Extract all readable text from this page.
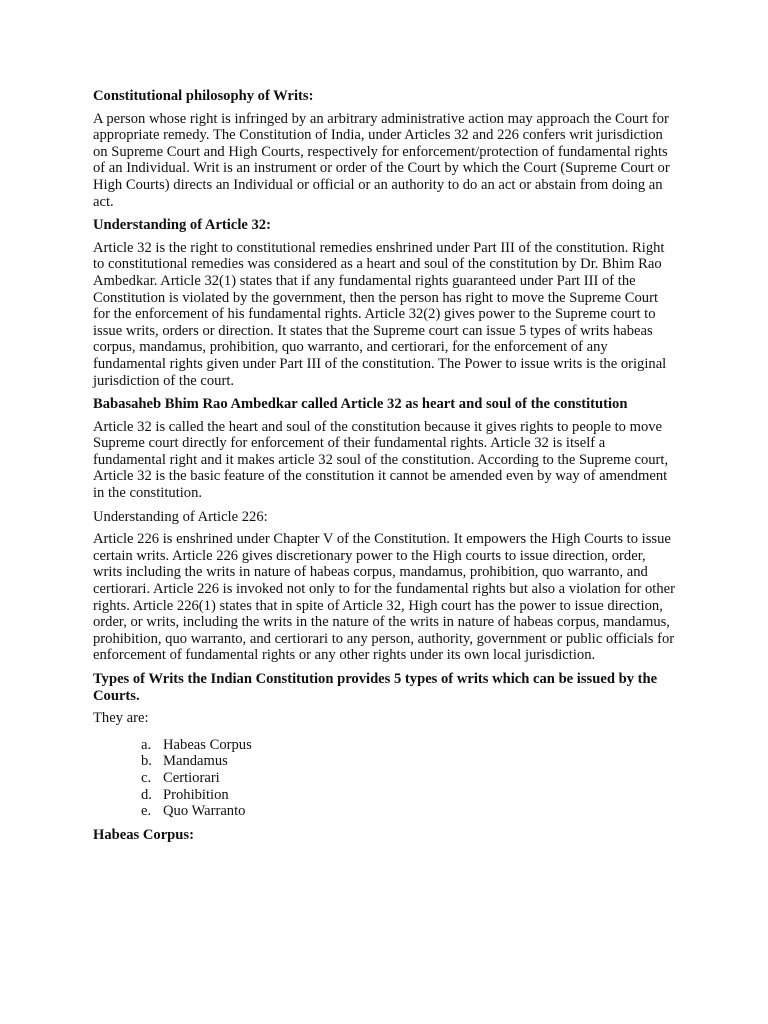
Constitutional philosophy of Writs:

A person whose right is infringed by an arbitrary administrative action may approach the Court for appropriate remedy. The Constitution of India, under Articles 32 and 226 confers writ jurisdiction on Supreme Court and High Courts, respectively for enforcement/protection of fundamental rights of an Individual. Writ is an instrument or order of the Court by which the Court (Supreme Court or High Courts) directs an Individual or official or an authority to do an act or abstain from doing an act.

Understanding of Article 32:

Article 32 is the right to constitutional remedies enshrined under Part III of the constitution. Right to constitutional remedies was considered as a heart and soul of the constitution by Dr. Bhim Rao Ambedkar. Article 32(1) states that if any fundamental rights guaranteed under Part III of the Constitution is violated by the government, then the person has right to move the Supreme Court for the enforcement of his fundamental rights. Article 32(2) gives power to the Supreme court to issue writs, orders or direction. It states that the Supreme court can issue 5 types of writs habeas corpus, mandamus, prohibition, quo warranto, and certiorari, for the enforcement of any fundamental rights given under Part III of the constitution. The Power to issue writs is the original jurisdiction of the court.

Babasaheb Bhim Rao Ambedkar called Article 32 as heart and soul of the constitution

Article 32 is called the heart and soul of the constitution because it gives rights to people to move Supreme court directly for enforcement of their fundamental rights. Article 32 is itself a fundamental right and it makes article 32 soul of the constitution. According to the Supreme court, Article 32 is the basic feature of the constitution it cannot be amended even by way of amendment in the constitution.

Understanding of Article 226:

Article 226 is enshrined under Chapter V of the Constitution. It empowers the High Courts to issue certain writs. Article 226 gives discretionary power to the High courts to issue direction, order, writs including the writs in nature of habeas corpus, mandamus, prohibition, quo warranto, and certiorari. Article 226 is invoked not only to for the fundamental rights but also a violation for other rights. Article 226(1) states that in spite of Article 32, High court has the power to issue direction, order, or writs, including the writs in the nature of the writs in nature of habeas corpus, mandamus, prohibition, quo warranto, and certiorari to any person, authority, government or public officials for enforcement of fundamental rights or any other rights under its own local jurisdiction.

Types of Writs the Indian Constitution provides 5 types of writs which can be issued by the Courts.

They are:

a. Habeas Corpus
b. Mandamus
c. Certiorari
d. Prohibition
e. Quo Warranto

Habeas Corpus:
